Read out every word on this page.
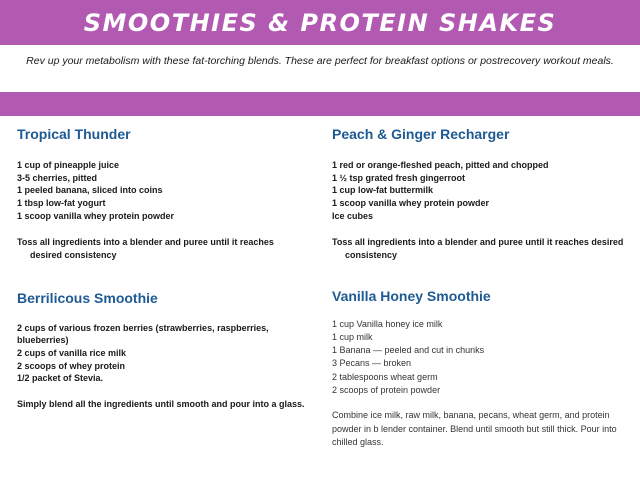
SMOOTHIES & PROTEIN SHAKES
Rev up your metabolism with these fat-torching blends. These are perfect for breakfast options or postrecovery workout meals.
Tropical Thunder
1 cup of pineapple juice
3-5 cherries, pitted
1 peeled banana, sliced into coins
1 tbsp low-fat yogurt
1 scoop vanilla whey protein powder

Toss all ingredients into a blender and puree until it reaches desired consistency

Berrilicous Smoothie
2 cups of various frozen berries (strawberries, raspberries, blueberries)
2 cups of vanilla rice milk
2 scoops of whey protein
1/2 packet of Stevia.

Simply blend all the ingredients until smooth and pour into a glass.

Peach & Ginger Recharger
1 red or orange-fleshed peach, pitted and chopped
1 ½ tsp grated fresh gingerroot
1 cup low-fat buttermilk
1 scoop vanilla whey protein powder
Ice cubes

Toss all ingredients into a blender and puree until it reaches desired consistency

Vanilla Honey Smoothie
1 cup Vanilla honey ice milk
1 cup milk
1 Banana — peeled and cut in chunks
3 Pecans — broken
2 tablespoons wheat germ
2 scoops of protein powder

Combine ice milk, raw milk, banana, pecans, wheat germ, and protein powder in b lender container. Blend until smooth but still thick. Pour into chilled glass.
